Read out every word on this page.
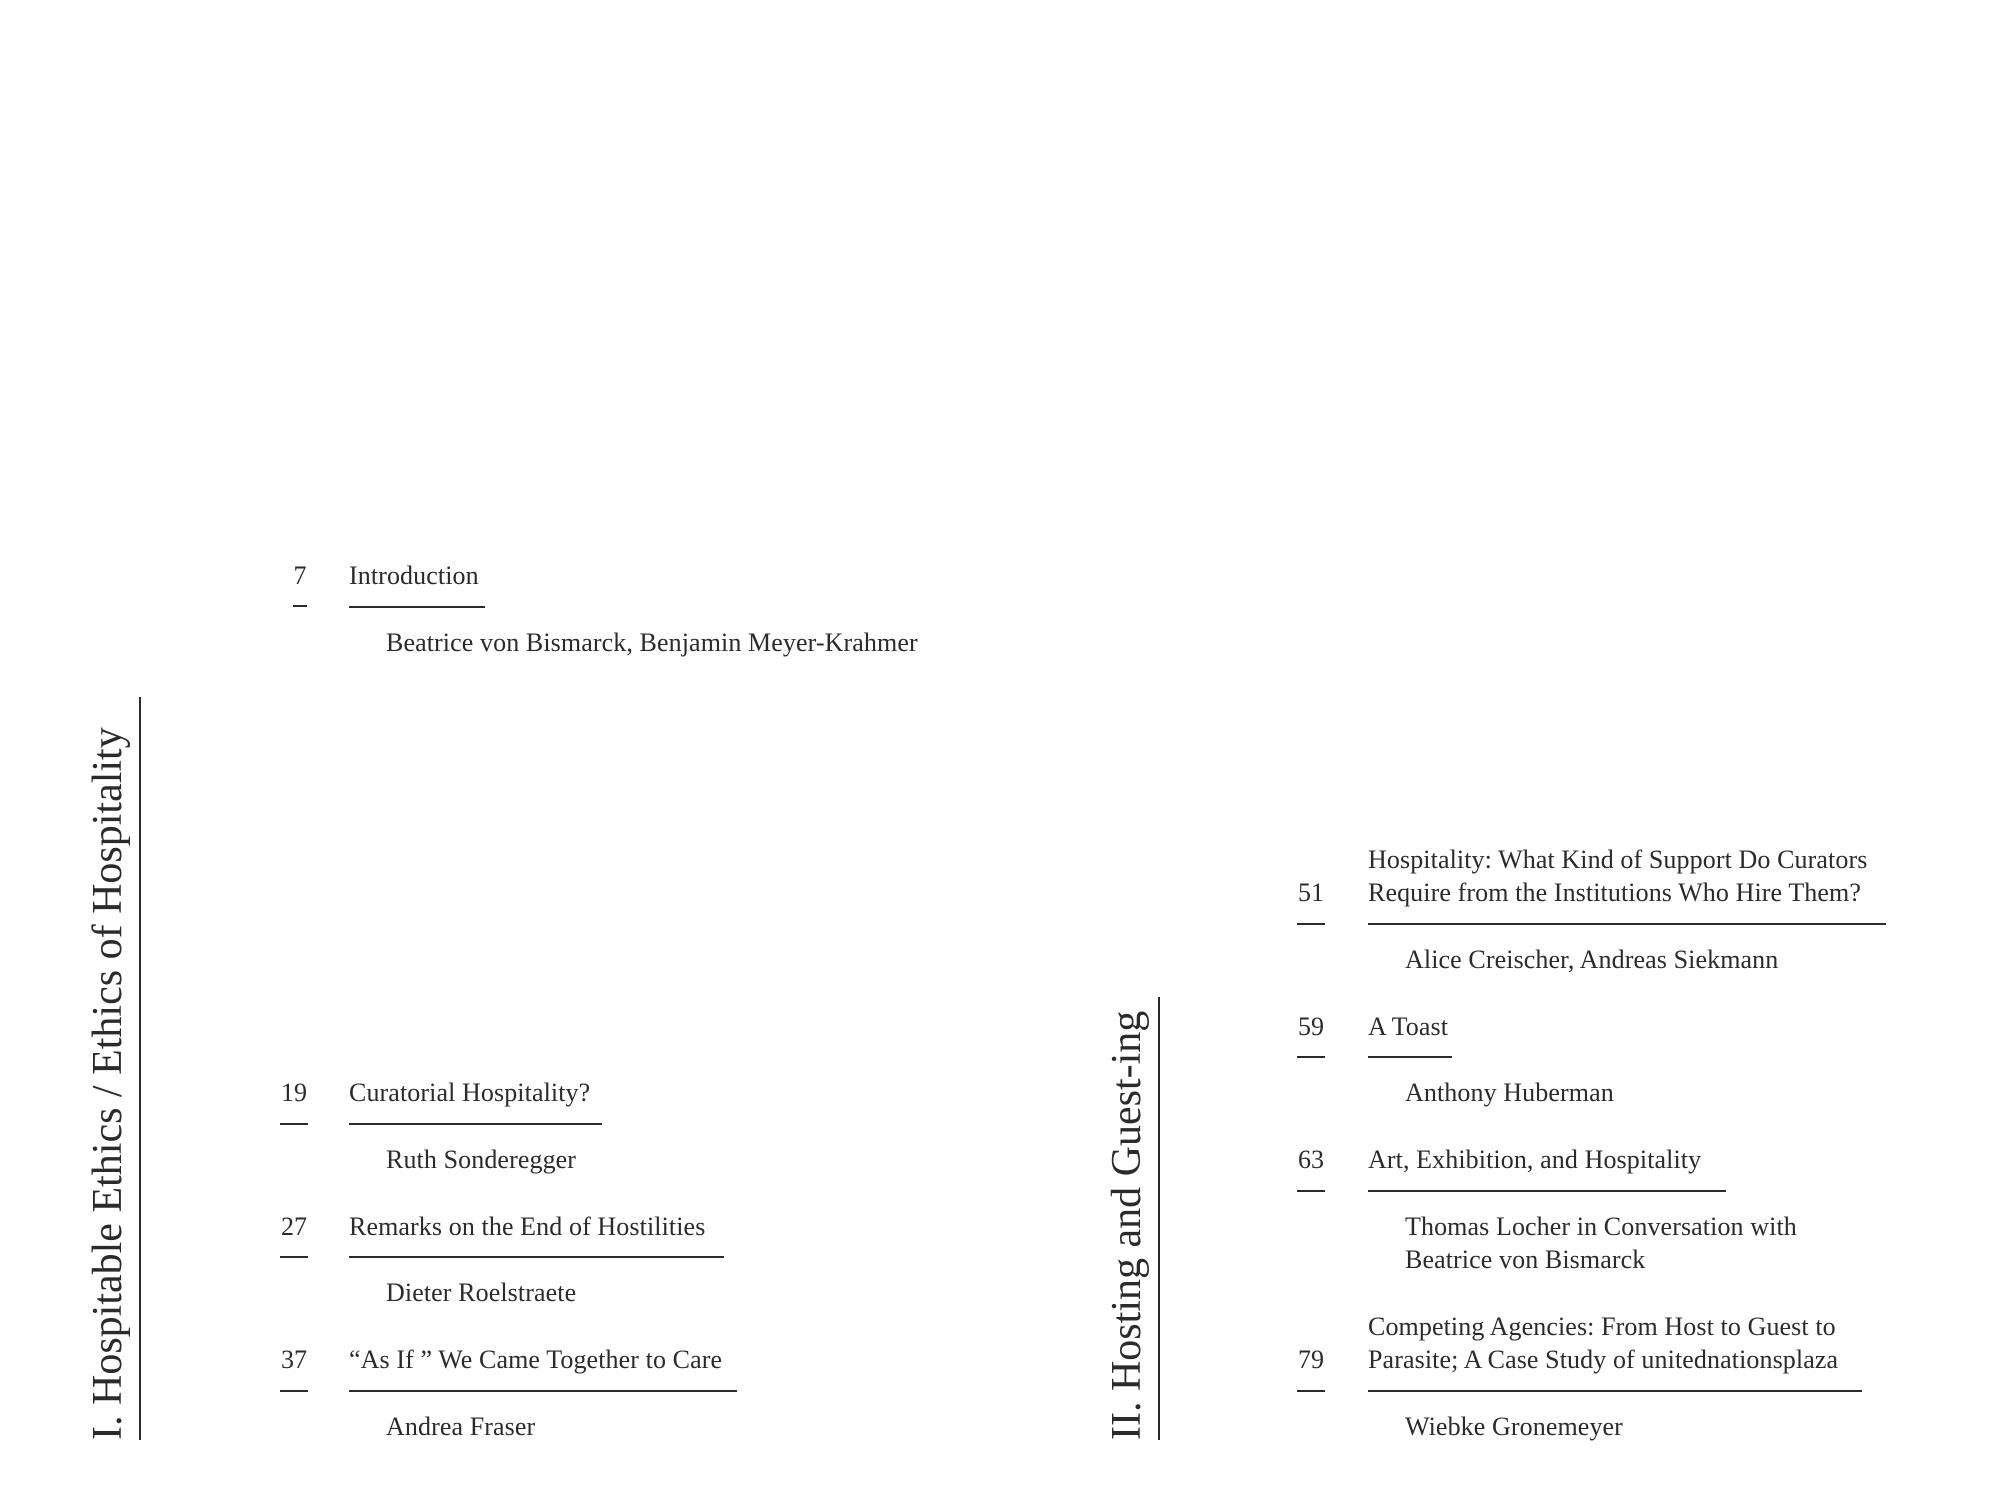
I. Hospitable Ethics / Ethics of Hospitality	II. Hosting and Guest-ing
7	Introduction
Beatrice von Bismarck, Benjamin Meyer-Krahmer
19 Curatorial Hospitality?
Ruth Sonderegger
27 Remarks on the End of Hostilities
Dieter Roelstraete
37 “As If ” We Came Together to Care
Andrea Fraser
Hospitality: What Kind of Support Do Curators
51 Require from the Institutions Who Hire Them?
Alice Creischer, Andreas Siekmann
59 A Toast
Anthony Huberman
63 Art, Exhibition, and Hospitality
Thomas Locher in Conversation with
Beatrice von Bismarck
Competing Agencies: From Host to Guest to
79 Parasite; A Case Study of unitednationsplaza
Wiebke Gronemeyer
